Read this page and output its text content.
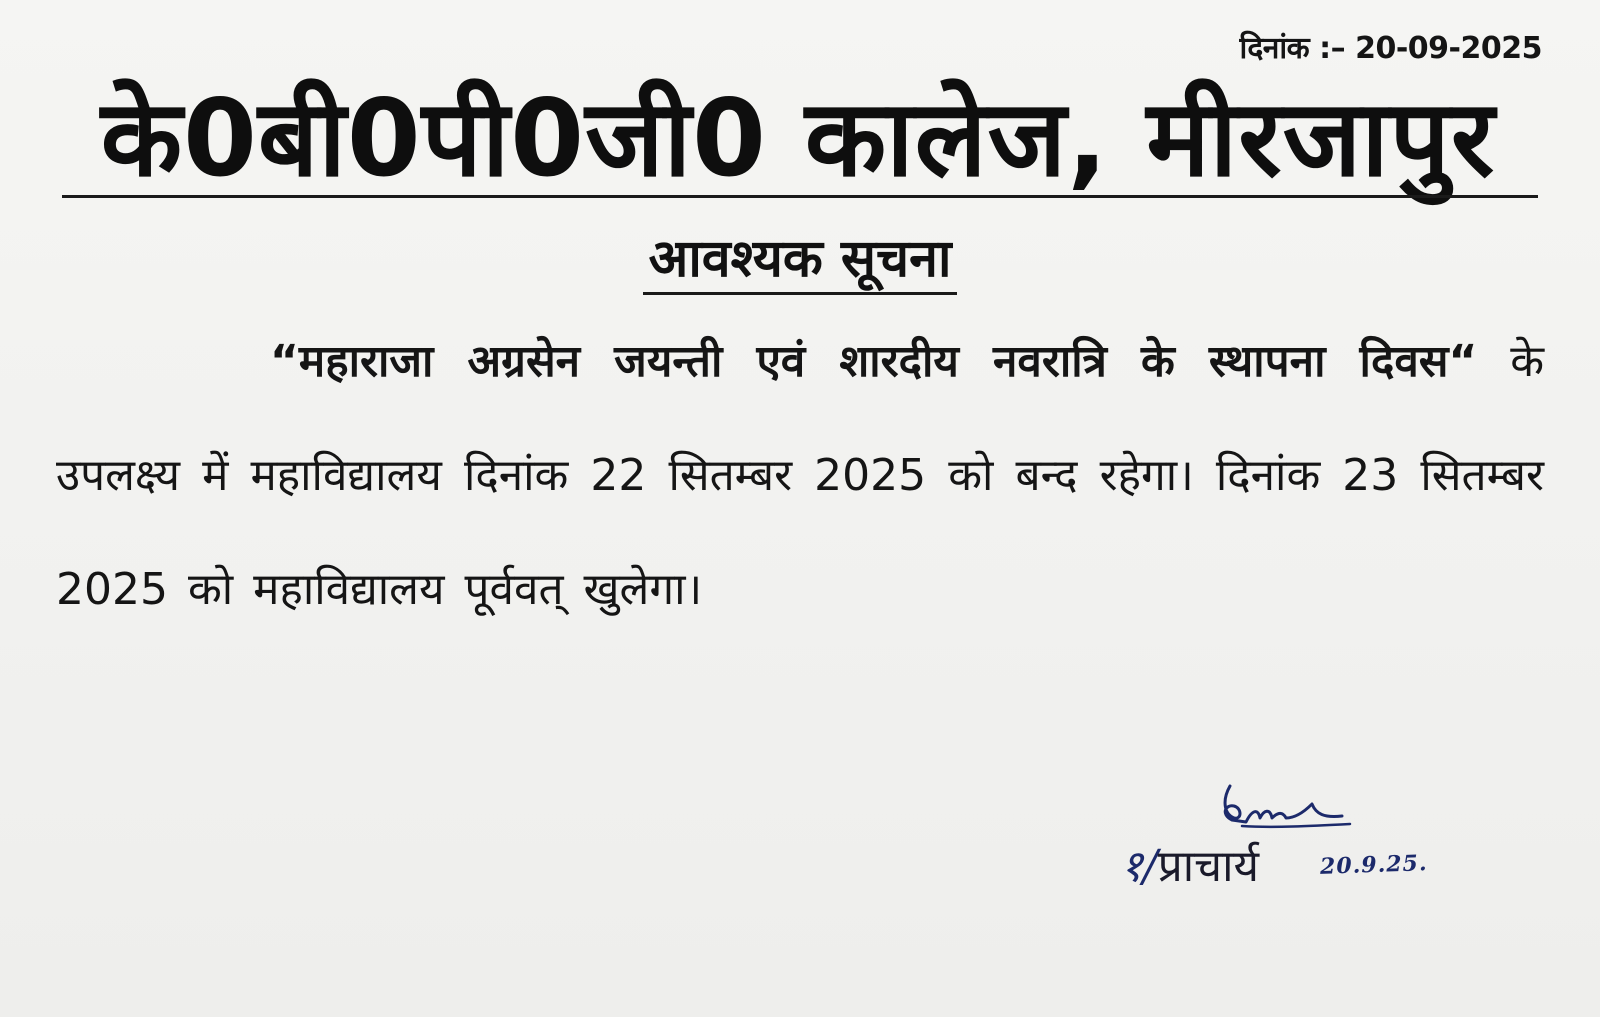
दिनांक :– 20-09-2025
के0बी0पी0जी0 कालेज, मीरजापुर
आवश्यक सूचना
“महाराजा अग्रसेन जयन्ती एवं शारदीय नवरात्रि के स्थापना दिवस“ के उपलक्ष्य में महाविद्यालय दिनांक 22 सितम्बर 2025 को बन्द रहेगा। दिनांक 23 सितम्बर 2025 को महाविद्यालय पूर्ववत् खुलेगा।
१/प्राचार्य	20.9.25.
